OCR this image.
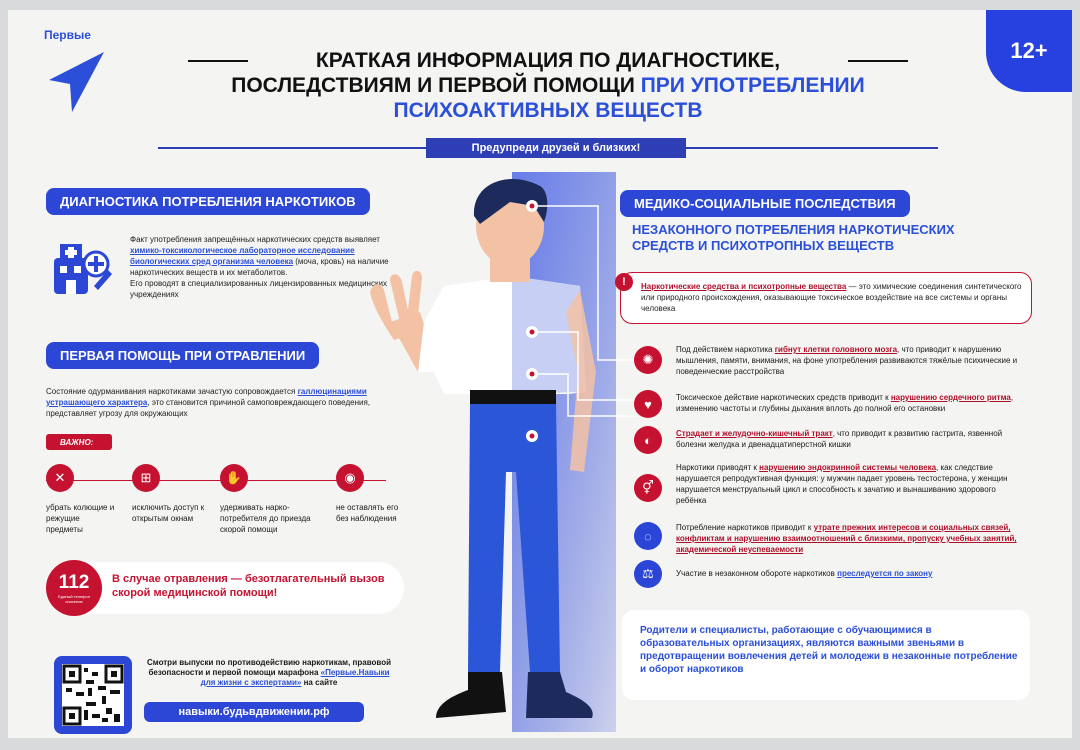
Первые
12+
КРАТКАЯ ИНФОРМАЦИЯ ПО ДИАГНОСТИКЕ,
ПОСЛЕДСТВИЯМ И ПЕРВОЙ ПОМОЩИ ПРИ УПОТРЕБЛЕНИИ
ПСИХОАКТИВНЫХ ВЕЩЕСТВ
Предупреди друзей и близких!
ДИАГНОСТИКА ПОТРЕБЛЕНИЯ НАРКОТИКОВ
Факт употребления запрещённых наркотических средств выявляет химико-токсикологическое лабораторное исследование биологических сред организма человека (моча, кровь) на наличие наркотических веществ и их метаболитов.
Его проводят в специализированных лицензированных медицинских учреждениях
ПЕРВАЯ ПОМОЩЬ ПРИ ОТРАВЛЕНИИ
Состояние одурманивания наркотиками зачастую сопровождается галлюцинациями устрашающего характера, это становится причиной самоповреждающего поведения, представляет угрозу для окружающих
ВАЖНО:
✕
убрать колющие и режущие предметы
⊞
исключить доступ к открытым окнам
✋
удерживать нарко-потребителя до приезда скорой помощи
◉
не оставлять его без наблюдения
112
Единый телефон спасения
В случае отравления — безотлагательный вызов скорой медицинской помощи!
Смотри выпуски по противодействию наркотикам, правовой безопасности и первой помощи марафона «Первые.Навыки для жизни с экспертами» на сайте
навыки.будьвдвижении.рф
МЕДИКО-СОЦИАЛЬНЫЕ ПОСЛЕДСТВИЯ
НЕЗАКОННОГО ПОТРЕБЛЕНИЯ НАРКОТИЧЕСКИХ СРЕДСТВ И ПСИХОТРОПНЫХ ВЕЩЕСТВ
!	Наркотические средства и психотропные вещества — это химические соединения синтетического или природного происхождения, оказывающие токсическое воздействие на все системы и органы человека
✺
Под действием наркотика гибнут клетки головного мозга, что приводит к нарушению мышления, памяти, внимания, на фоне употребления развиваются тяжёлые психические и поведенческие расстройства
♥	Токсическое действие наркотических средств приводит к нарушению сердечного ритма, изменению частоты и глубины дыхания вплоть до полной его остановки
◐	Страдает и желудочно-кишечный тракт, что приводит к развитию гастрита, язвенной болезни желудка и двенадцатиперстной кишки
⚥
Наркотики приводят к нарушению эндокринной системы человека, как следствие нарушается репродуктивная функция: у мужчин падает уровень тестостерона, у женщин нарушается менструальный цикл и способность к зачатию и вынашиванию здорового ребёнка
◌
Потребление наркотиков приводит к утрате прежних интересов и социальных связей, конфликтам и нарушению взаимоотношений с близкими, пропуску учебных занятий, академической неуспеваемости
⚖	Участие в незаконном обороте наркотиков преследуется по закону
Родители и специалисты, работающие с обучающимися в образовательных организациях, являются важными звеньями в предотвращении вовлечения детей и молодежи в незаконные потребление и оборот наркотиков
